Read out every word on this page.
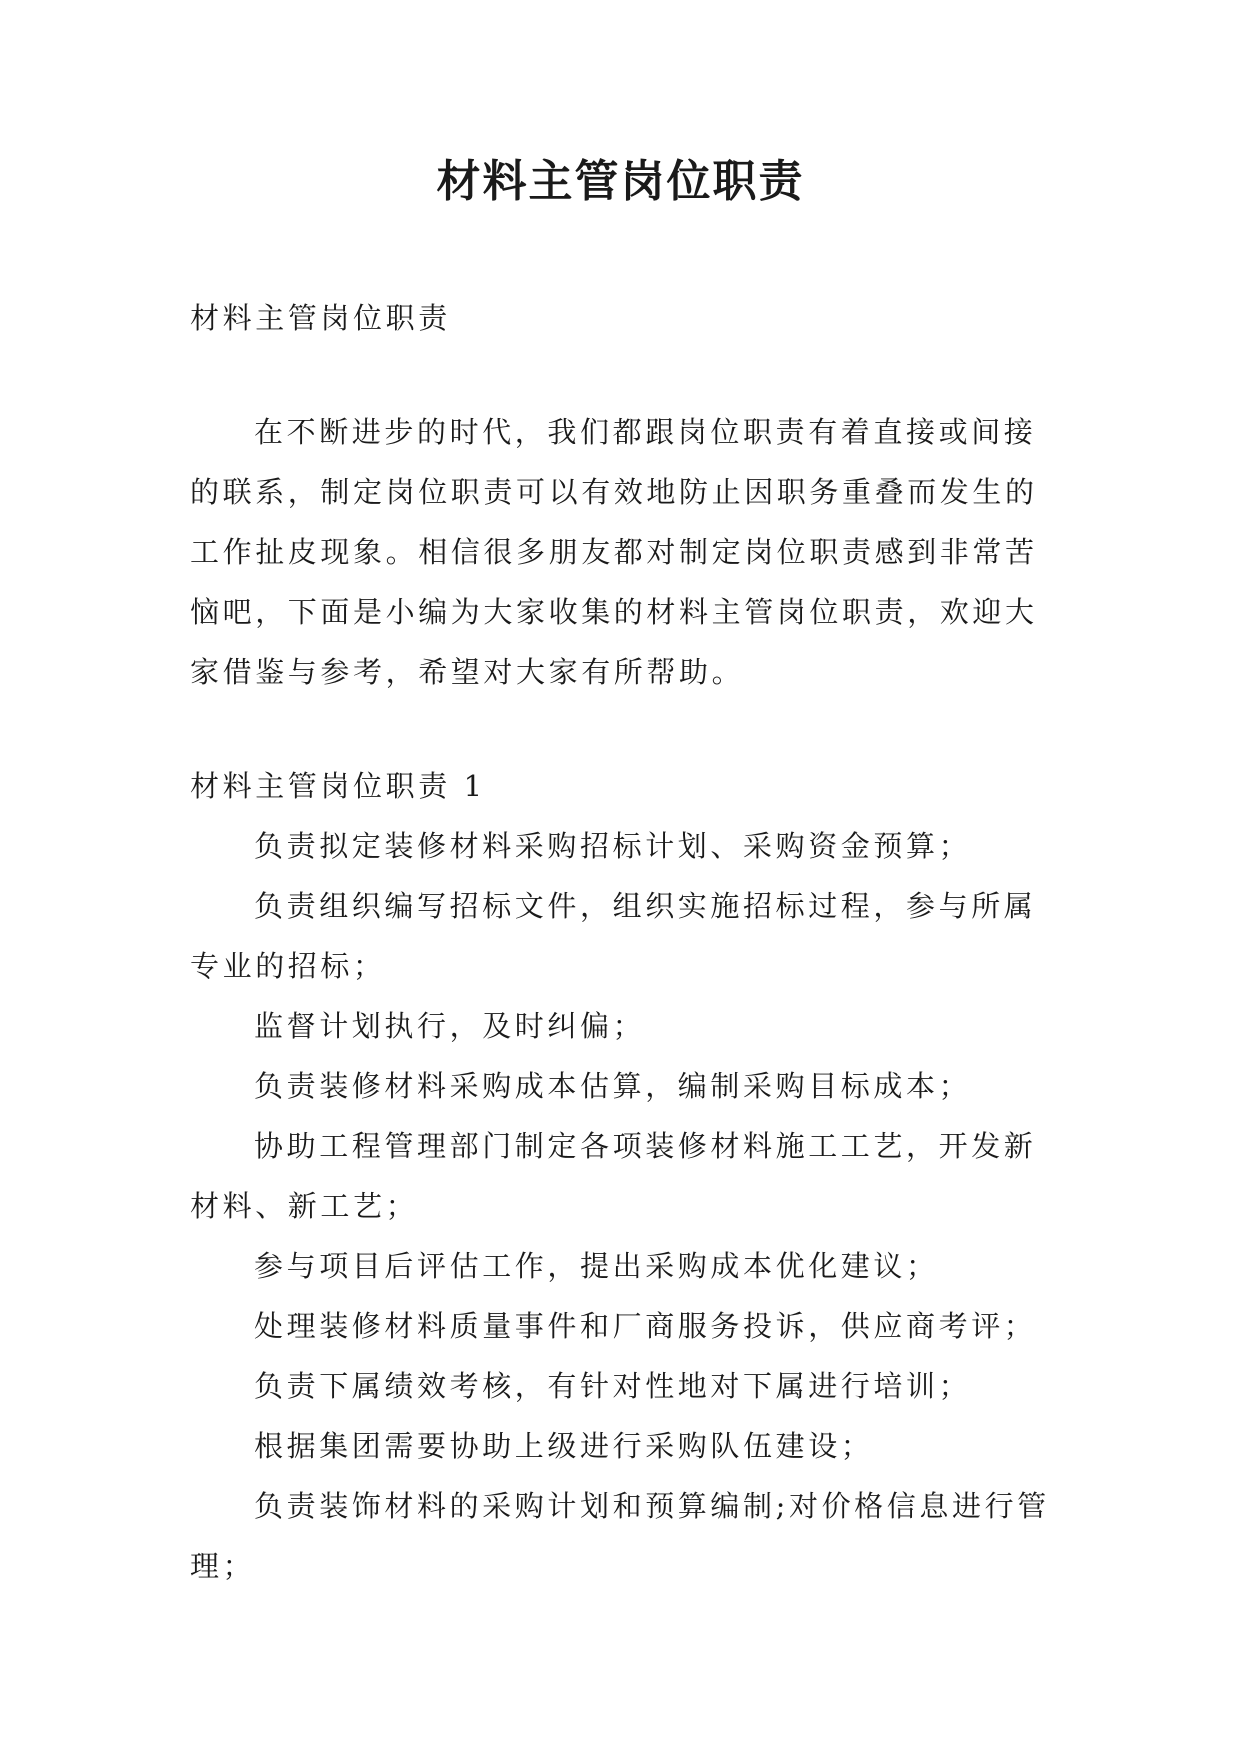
材料主管岗位职责
材料主管岗位职责
在不断进步的时代，我们都跟岗位职责有着直接或间接的联系，制定岗位职责可以有效地防止因职务重叠而发生的工作扯皮现象。相信很多朋友都对制定岗位职责感到非常苦恼吧，下面是小编为大家收集的材料主管岗位职责，欢迎大家借鉴与参考，希望对大家有所帮助。
材料主管岗位职责 1
负责拟定装修材料采购招标计划、采购资金预算；
负责组织编写招标文件，组织实施招标过程，参与所属专业的招标；
监督计划执行，及时纠偏；
负责装修材料采购成本估算，编制采购目标成本；
协助工程管理部门制定各项装修材料施工工艺，开发新材料、新工艺；
参与项目后评估工作，提出采购成本优化建议；
处理装修材料质量事件和厂商服务投诉，供应商考评；
负责下属绩效考核，有针对性地对下属进行培训；
根据集团需要协助上级进行采购队伍建设；
负责装饰材料的采购计划和预算编制;对价格信息进行管理；
